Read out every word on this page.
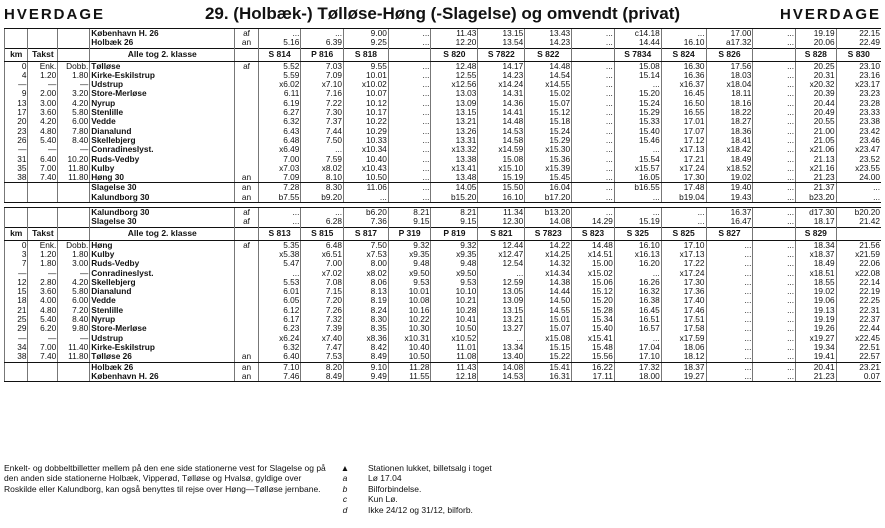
HVERDAGE	29. (Holbæk-) Tølløse-Høng (-Slagelse) og omvendt (privat)	HVERDAGE
			København H. 26	af	...	...	9.00	...	11.43	13.15	13.43	...	c14.18	...	17.00	...	19.19	22.15
			Holbæk 26	an	5.16	6.39	9.25	...	12.20	13.54	14.23	...	14.44	16.10	a17.32	...	20.06	22.49
km	Takst		Alle tog 2. klasse		S 814	P 816	S 818		S 820	S 7822	S 822		S 7834	S 824	S 826		S 828	S 830
0	Enk.	Dobb.	Tølløse	af	5.52	7.03	9.55	...	12.48	14.17	14.48	...	15.08	16.30	17.56	...	20.25	23.10
4	1.20	1.80	Kirke-Eskilstrup		5.59	7.09	10.01	...	12.55	14.23	14.54	...	15.14	16.36	18.03	...	20.31	23.16
—	—	—	Udstrup		x6.02	x7.10	x10.02	...	x12.56	x14.24	x14.55	...	...	x16.37	x18.04	...	x20.32	x23.17
9	2.00	3.20	Store-Merløse		6.11	7.16	10.07	...	13.03	14.31	15.02	...	15.20	16.45	18.11	...	20.39	23.23
13	3.00	4.20	Nyrup		6.19	7.22	10.12	...	13.09	14.36	15.07	...	15.24	16.50	18.16	...	20.44	23.28
17	3.60	5.80	Stenlille		6.27	7.30	10.17	...	13.15	14.41	15.12	...	15.29	16.55	18.22	...	20.49	23.33
20	4.20	6.00	Vedde		6.32	7.37	10.22	...	13.21	14.48	15.18	...	15.33	17.01	18.27	...	20.55	23.38
23	4.80	7.80	Dianalund		6.43	7.44	10.29	...	13.26	14.53	15.24	...	15.40	17.07	18.36	...	21.00	23.42
26	5.40	8.40	Skellebjerg		6.48	7.50	10.33	...	13.31	14.58	15.29	...	15.46	17.12	18.41	...	21.05	23.46
—	—	—	Conradineslyst.		x6.49	...	x10.34	...	x13.32	x14.59	x15.30	...	...	x17.13	x18.42	...	x21.06	x23.47
31	6.40	10.20	Ruds-Vedby		7.00	7.59	10.40	...	13.38	15.08	15.36	...	15.54	17.21	18.49	...	21.13	23.52
35	7.00	11.80	Kulby		x7.03	x8.02	x10.43	...	x13.41	x15.10	x15.39	...	x15.57	x17.24	x18.52	...	x21.16	x23.55
38	7.40	11.80	Høng 30	an	7.09	8.10	10.50	...	13.48	15.19	15.45	...	16.05	17.30	19.02	...	21.23	24.00
			Slagelse 30	an	7.28	8.30	11.06	...	14.05	15.50	16.04	...	b16.55	17.48	19.40	...	21.37	...
			Kalundborg 30	an	b7.55	b9.20	...	...	b15.20	16.10	b17.20	...	...	b19.04	19.43	...	b23.20	...

			Kalundborg 30	af	...	...	b6.20	8.21	8.21	11.34	b13.20	...	...	...	16.37	...	d17.30	b20.20
			Slagelse 30	af	...	6.28	7.36	9.15	9.15	12.30	14.08	14.29	15.19	...	16.47	...	18.17	21.42
km	Takst		Alle tog 2. klasse		S 813	S 815	S 817	P 319	P 819	S 821	S 7823	S 823	S 325	S 825	S 827		S 829	
0	Enk.	Dobb.	Høng	af	5.35	6.48	7.50	9.32	9.32	12.44	14.22	14.48	16.10	17.10	...	...	18.34	21.56
3	1.20	1.80	Kulby		x5.38	x6.51	x7.53	x9.35	x9.35	x12.47	x14.25	x14.51	x16.13	x17.13	...	...	x18.37	x21.59
7	1.80	3.00	Ruds-Vedby		5.47	7.00	8.00	9.48	9.48	12.54	14.32	15.00	16.20	17.22	...	...	18.49	22.06
—	—	—	Conradineslyst.		...	x7.02	x8.02	x9.50	x9.50	...	x14.34	x15.02	...	x17.24	...	...	x18.51	x22.08
12	2.80	4.20	Skellebjerg		5.53	7.08	8.06	9.53	9.53	12.59	14.38	15.06	16.26	17.30	...	...	18.55	22.14
15	3.60	5.80	Dianalund		6.01	7.15	8.13	10.01	10.10	13.05	14.44	15.12	16.32	17.36	...	...	19.02	22.19
18	4.00	6.00	Vedde		6.05	7.20	8.19	10.08	10.21	13.09	14.50	15.20	16.38	17.40	...	...	19.06	22.25
21	4.80	7.20	Stenlille		6.12	7.26	8.24	10.16	10.28	13.15	14.55	15.28	16.45	17.46	...	...	19.13	22.31
25	5.40	8.40	Nyrup		6.17	7.32	8.30	10.22	10.41	13.21	15.01	15.34	16.51	17.51	...	...	19.19	22.37
29	6.20	9.80	Store-Merløse		6.23	7.39	8.35	10.30	10.50	13.27	15.07	15.40	16.57	17.58	...	...	19.26	22.44
—	—	—	Udstrup		x6.24	x7.40	x8.36	x10.31	x10.52	...	x15.08	x15.41	...	x17.59	...	...	x19.27	x22.45
34	7.00	11.40	Kirke-Eskilstrup		6.32	7.47	8.42	10.40	11.01	13.34	15.15	15.48	17.04	18.06	...	...	19.34	22.51
38	7.40	11.80	Tølløse 26	an	6.40	7.53	8.49	10.50	11.08	13.40	15.22	15.56	17.10	18.12	...	...	19.41	22.57
			Holbæk 26	an	7.10	8.20	9.10	11.28	11.43	14.08	15.41	16.22	17.32	18.37	...	...	20.41	23.21
			København H. 26	an	7.46	8.49	9.49	11.55	12.18	14.53	16.31	17.11	18.00	19.27	...	...	21.23	0.07
Enkelt- og dobbeltbilletter mellem på den ene side stationerne vest for Slagelse og på den anden side stationerne Holbæk, Vipperød, Tølløse og Hvalsø, gyldige over Roskilde eller Kalundborg, kan også benyttes til rejse over Høng—Tølløse jernbane.
▲ Stationen lukket, billetsalg i toget
a	Lø 17.04
b	Bilforbindelse.
c	Kun Lø.
d	Ikke 24/12 og 31/12, bilforb.
